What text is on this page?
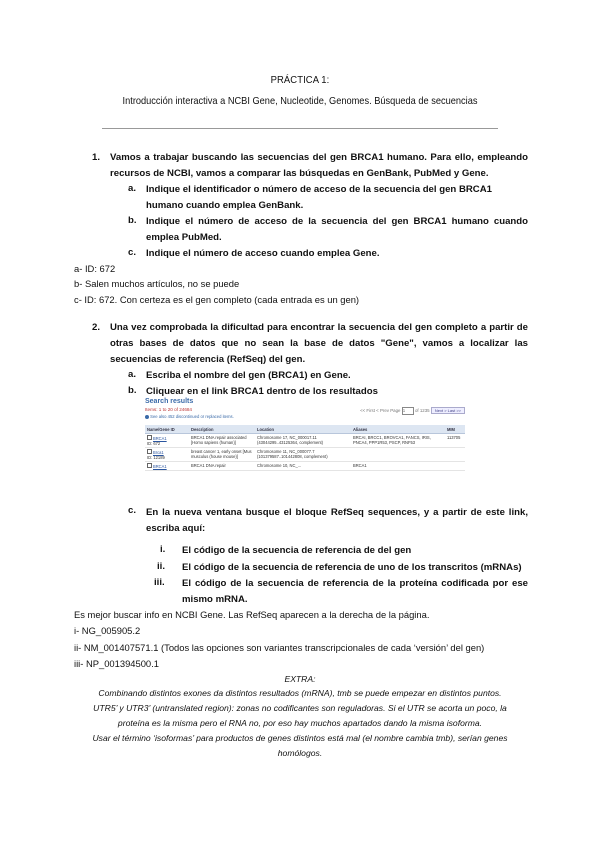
PRÁCTICA 1:
Introducción interactiva a NCBI Gene, Nucleotide, Genomes. Búsqueda de secuencias
1. Vamos a trabajar buscando las secuencias del gen BRCA1 humano. Para ello, empleando recursos de NCBI, vamos a comparar las búsquedas en GenBank, PubMed y Gene.
a. Indique el identificador o número de acceso de la secuencia del gen BRCA1 humano cuando emplea GenBank.
b. Indique el número de acceso de la secuencia del gen BRCA1 humano cuando emplea PubMed.
c. Indique el número de acceso cuando emplea Gene.
a- ID: 672
b- Salen muchos artículos, no se puede
c- ID: 672. Con certeza es el gen completo (cada entrada es un gen)
2. Una vez comprobada la dificultad para encontrar la secuencia del gen completo a partir de otras bases de datos que no sean la base de datos "Gene", vamos a localizar las secuencias de referencia (RefSeq) del gen.
a. Escriba el nombre del gen (BRCA1) en Gene.
b. Cliquear en el link BRCA1 dentro de los resultados
Search results
Items: 1 to 20 of 24684
See also 452 discontinued or replaced items.
<< First < Prev Page 1 of 1235 Next > Last >>
Name/Gene ID	Description	Location	Aliases	MIM
BRCA1
ID: 672	BRCA1 DNA repair associated [Homo sapiens (human)]	Chromosome 17, NC_000017.11 (43044295..43125364, complement)	BRCAI, BRCC1, BROVCA1, FANCS, IRIS, PNCA4, PPP1R53, PSCP, RNF53	113705
Brca1
ID: 12189	breast cancer 1, early onset [Mus musculus (house mouse)]	Chromosome 11, NC_000077.7 (101379587..101442808, complement)		
BRCA1	BRCA1 DNA repair	Chromosome 10, NC_...	BRCA1	
c. En la nueva ventana busque el bloque RefSeq sequences, y a partir de este link, escriba aquí:
i. El código de la secuencia de referencia de del gen
ii. El código de la secuencia de referencia de uno de los transcritos (mRNAs)
iii. El código de la secuencia de referencia de la proteína codificada por ese mismo mRNA.
Es mejor buscar info en NCBI Gene. Las RefSeq aparecen a la derecha de la página.
i- NG_005905.2
ii- NM_001407571.1 (Todos las opciones son variantes transcripcionales de cada ‘versión’ del gen)
iii- NP_001394500.1
EXTRA:
Combinando distintos exones da distintos resultados (mRNA), tmb se puede empezar en distintos puntos.
UTR5’ y UTR3’ (untranslated region): zonas no codificantes son reguladoras. Si el UTR se acorta un poco, la
proteína es la misma pero el RNA no, por eso hay muchos apartados dando la misma isoforma.
Usar el término ‘isoformas’ para productos de genes distintos está mal (el nombre cambia tmb), serían genes
homólogos.
